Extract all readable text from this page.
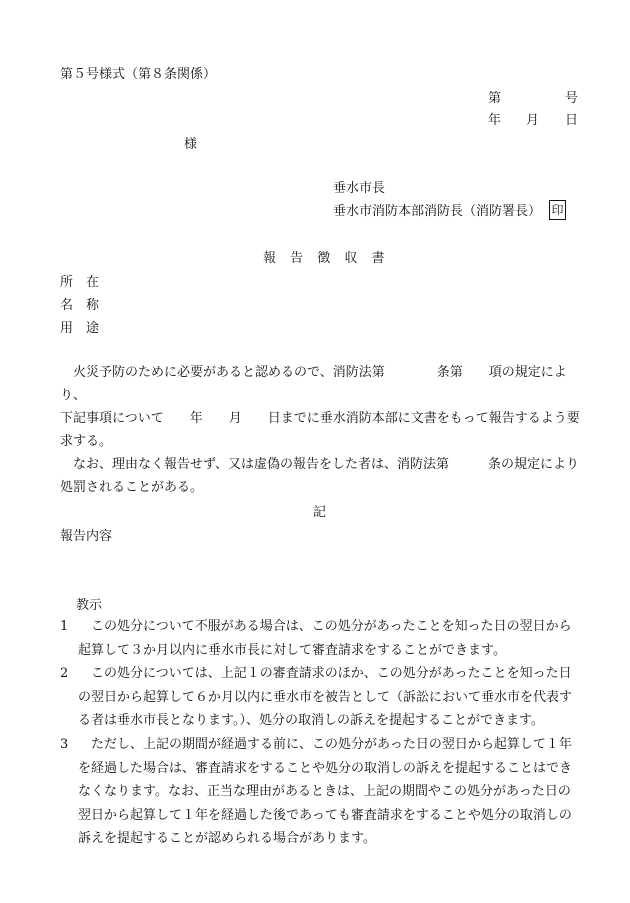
第５号様式（第８条関係）
第	号
年 月 日
様
垂水市長
垂水市消防本部消防長（消防署長） 印
報 告 徴 収 書
所　在
名　称
用　途

火災予防のために必要があると認めるので、消防法第　　　　条第　　項の規定により、

下記事項について　　年　　月　　日までに垂水消防本部に文書をもって報告するよう要

求する。

なお、理由なく報告せず、又は虚偽の報告をした者は、消防法第　　　条の規定により

処罰されることがある。

記
報告内容
教示
1	この処分について不服がある場合は、この処分があったことを知った日の翌日から起算して３か月以内に垂水市長に対して審査請求をすることができます。
2	この処分については、上記１の審査請求のほか、この処分があったことを知った日の翌日から起算して６か月以内に垂水市を被告として（訴訟において垂水市を代表する者は垂水市長となります。）、処分の取消しの訴えを提起することができます。
3	ただし、上記の期間が経過する前に、この処分があった日の翌日から起算して１年を経過した場合は、審査請求をすることや処分の取消しの訴えを提起することはできなくなります。なお、正当な理由があるときは、上記の期間やこの処分があった日の翌日から起算して１年を経過した後であっても審査請求をすることや処分の取消しの訴えを提起することが認められる場合があります。
